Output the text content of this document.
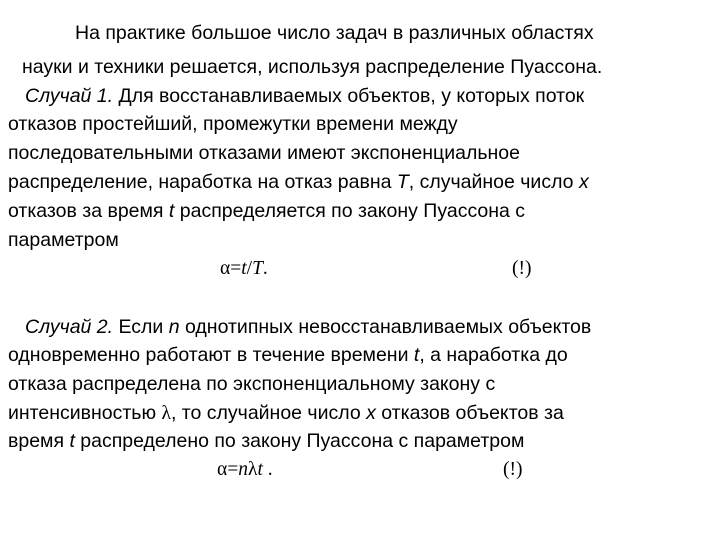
На практике большое число задач в различных областях
науки и техники решается, используя распределение Пуассона.
Случай 1. Для восстанавливаемых объектов, у которых поток
отказов простейший, промежутки времени между
последовательными отказами имеют экспоненциальное
распределение, наработка на отказ равна T, случайное число x
отказов за время t распределяется по закону Пуассона с
параметром
α=t/T.	(!)
Случай 2. Если n однотипных невосстанавливаемых объектов
одновременно работают в течение времени t, а наработка до
отказа распределена по экспоненциальному закону с
интенсивностью λ, то случайное число x отказов объектов за
время t распределено по закону Пуассона с параметром
α=nλt .	(!)
